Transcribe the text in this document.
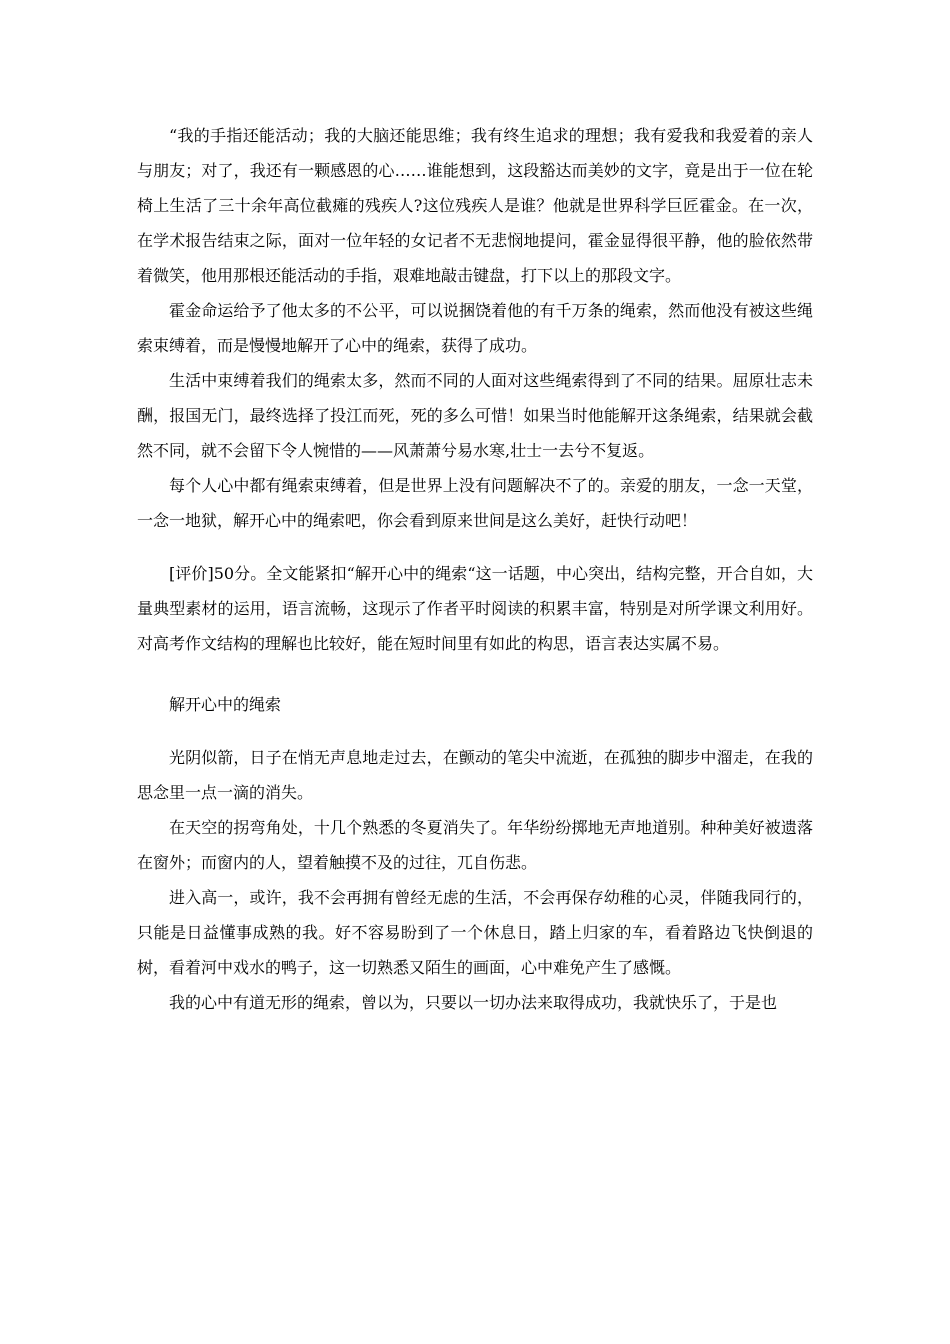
“我的手指还能活动；我的大脑还能思维；我有终生追求的理想；我有爱我和我爱着的亲人与朋友；对了，我还有一颗感恩的心……谁能想到，这段豁达而美妙的文字，竟是出于一位在轮椅上生活了三十余年高位截瘫的残疾人?这位残疾人是谁？他就是世界科学巨匠霍金。在一次，在学术报告结束之际，面对一位年轻的女记者不无悲悯地提问，霍金显得很平静，他的脸依然带着微笑，他用那根还能活动的手指，艰难地敲击键盘，打下以上的那段文字。

霍金命运给予了他太多的不公平，可以说捆饶着他的有千万条的绳索，然而他没有被这些绳索束缚着，而是慢慢地解开了心中的绳索，获得了成功。

生活中束缚着我们的绳索太多，然而不同的人面对这些绳索得到了不同的结果。屈原壮志未酬，报国无门，最终选择了投江而死，死的多么可惜！如果当时他能解开这条绳索，结果就会截然不同，就不会留下令人惋惜的——风萧萧兮易水寒,壮士一去兮不复返。

每个人心中都有绳索束缚着，但是世界上没有问题解决不了的。亲爱的朋友，一念一天堂，一念一地狱，解开心中的绳索吧，你会看到原来世间是这么美好，赶快行动吧！

[评价]50分。全文能紧扣“解开心中的绳索“这一话题，中心突出，结构完整，开合自如，大量典型素材的运用，语言流畅，这现示了作者平时阅读的积累丰富，特别是对所学课文利用好。对高考作文结构的理解也比较好，能在短时间里有如此的构思，语言表达实属不易。

解开心中的绳索

光阴似箭，日子在悄无声息地走过去，在颤动的笔尖中流逝，在孤独的脚步中溜走，在我的思念里一点一滴的消失。

在天空的拐弯角处，十几个熟悉的冬夏消失了。年华纷纷掷地无声地道别。种种美好被遗落在窗外；而窗内的人，望着触摸不及的过往，兀自伤悲。

进入高一，或许，我不会再拥有曾经无虑的生活，不会再保存幼稚的心灵，伴随我同行的，只能是日益懂事成熟的我。好不容易盼到了一个休息日，踏上归家的车，看着路边飞快倒退的树，看着河中戏水的鸭子，这一切熟悉又陌生的画面，心中难免产生了感慨。

我的心中有道无形的绳索，曾以为，只要以一切办法来取得成功，我就快乐了，于是也
